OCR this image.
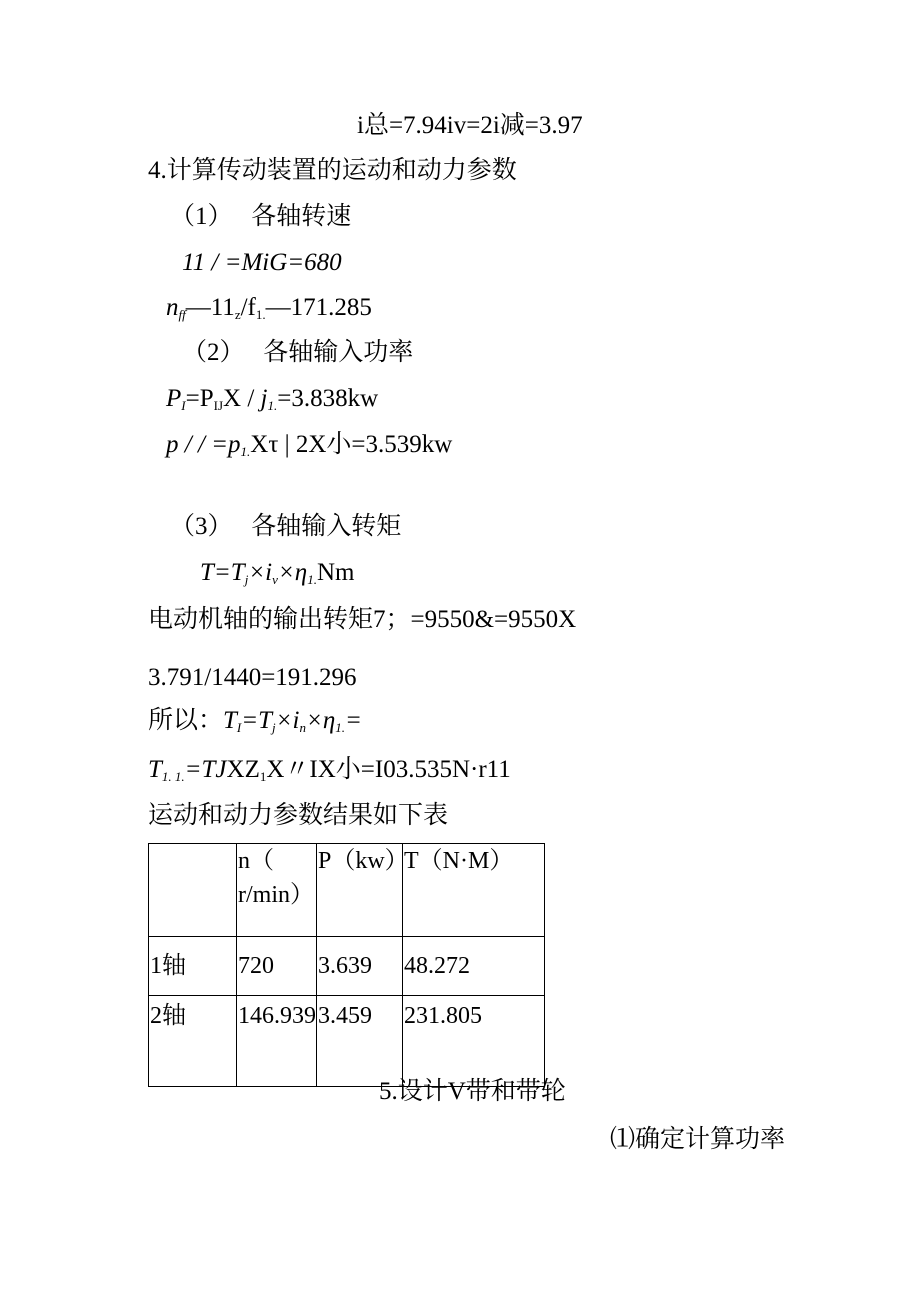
i总=7.94iv=2i减=3.97
4.计算传动装置的运动和动力参数
（1）   各轴转速
11 / =MiG=680
$n_{ff}—11_z/f_{1.}—171.285$
（2）   各轴输入功率
$P_I=P_{IJ}X / j_{1.}=3.838kw$
p / / $=p_{1.}X\tau$ | 2X小=3.539kw
（3）   各轴输入转矩
$T=T_j\times i_v\times\eta_{1.}Nm$
电动机轴的输出转矩7；=9550&=9550X
3.791/1440=191.296
所以：$T_I=T_j\times i_n\times\eta_{1.}=$
$T_{1. 1.}=TJXZ_1X$〃IX小=I03.535N·r11
运动和动力参数结果如下表
	n（ r/min）	P（kw）	T（N·M）
1轴	720	3.639	48.272
2轴	146.939	3.459	231.805
5.设计V带和带轮
⑴确定计算功率
